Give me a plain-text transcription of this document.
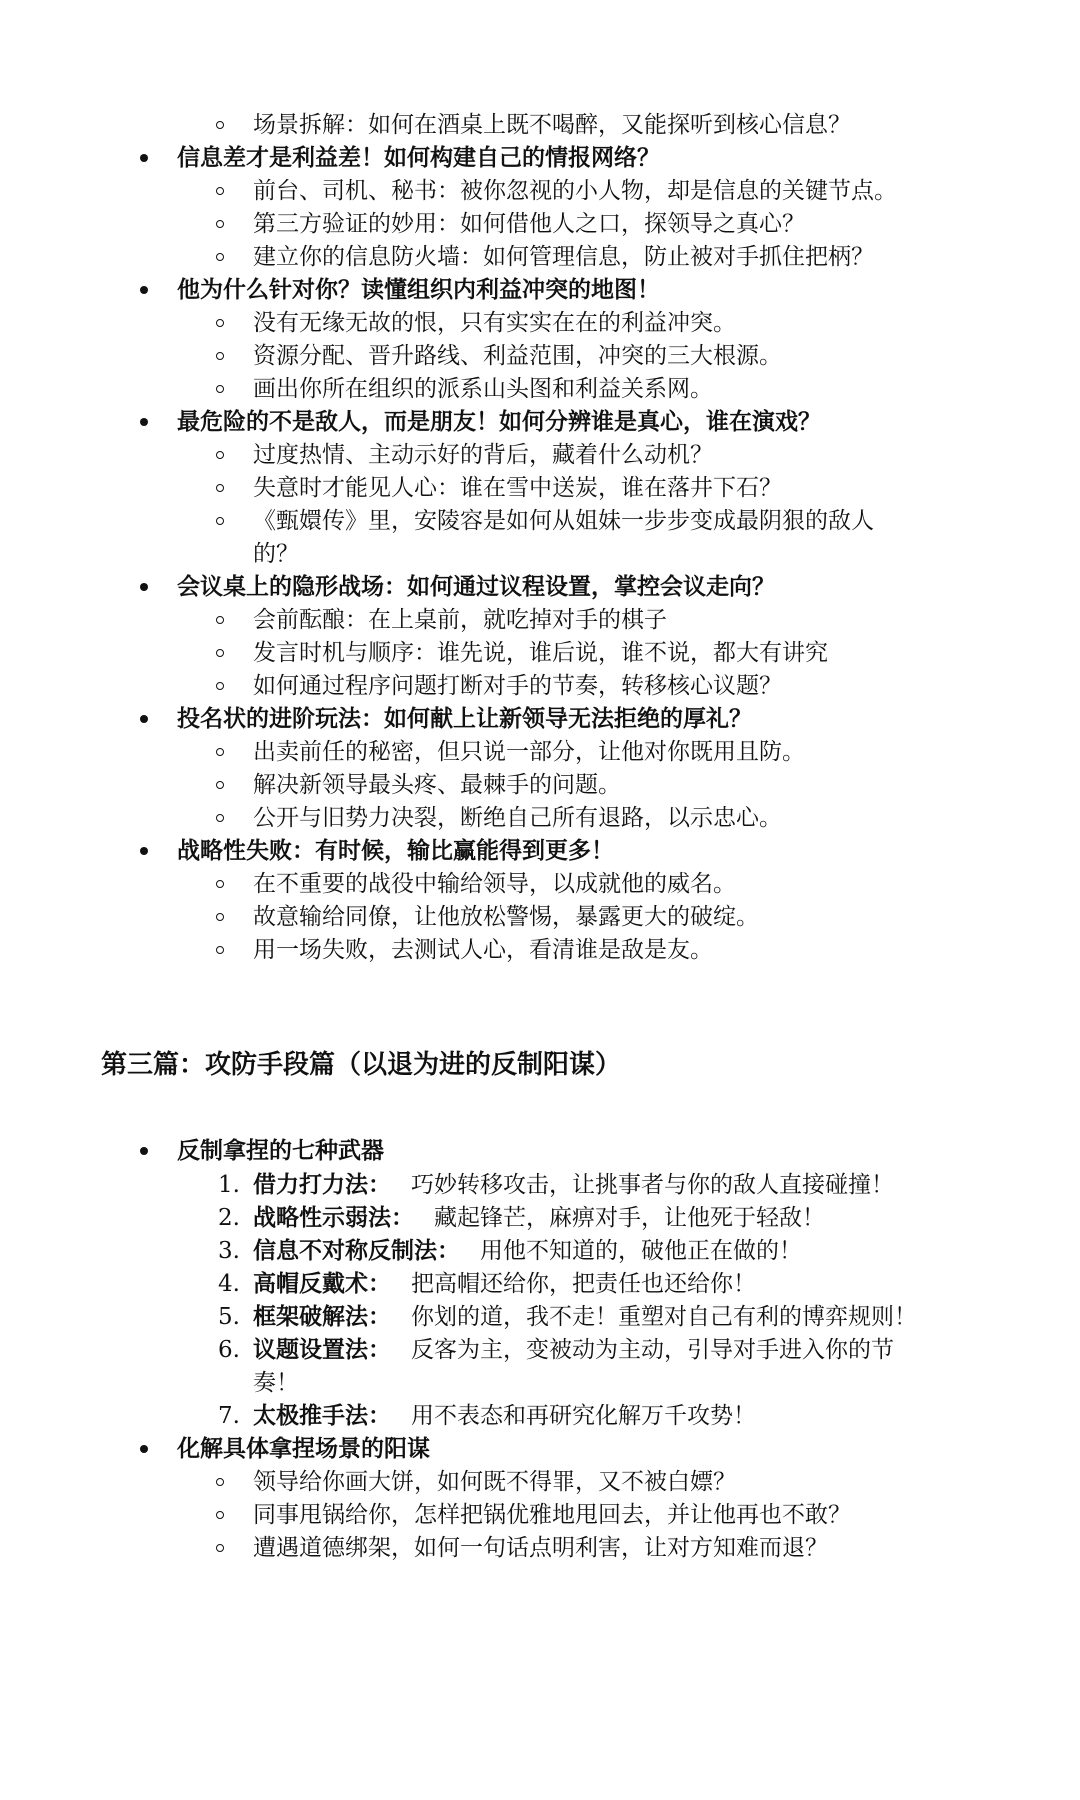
场景拆解：如何在酒桌上既不喝醉，又能探听到核心信息？
信息差才是利益差！如何构建自己的情报网络？
前台、司机、秘书：被你忽视的小人物，却是信息的关键节点。
第三方验证的妙用：如何借他人之口，探领导之真心？
建立你的信息防火墙：如何管理信息，防止被对手抓住把柄？
他为什么针对你？读懂组织内利益冲突的地图！
没有无缘无故的恨，只有实实在在的利益冲突。
资源分配、晋升路线、利益范围，冲突的三大根源。
画出你所在组织的派系山头图和利益关系网。
最危险的不是敌人，而是朋友！如何分辨谁是真心，谁在演戏？
过度热情、主动示好的背后，藏着什么动机？
失意时才能见人心：谁在雪中送炭，谁在落井下石？
《甄嬛传》里，安陵容是如何从姐妹一步步变成最阴狠的敌人
的？
会议桌上的隐形战场：如何通过议程设置，掌控会议走向？
会前酝酿：在上桌前，就吃掉对手的棋子
发言时机与顺序：谁先说，谁后说，谁不说，都大有讲究
如何通过程序问题打断对手的节奏，转移核心议题？
投名状的进阶玩法：如何献上让新领导无法拒绝的厚礼？
出卖前任的秘密，但只说一部分，让他对你既用且防。
解决新领导最头疼、最棘手的问题。
公开与旧势力决裂，断绝自己所有退路，以示忠心。
战略性失败：有时候，输比赢能得到更多！
在不重要的战役中输给领导，以成就他的威名。
故意输给同僚，让他放松警惕，暴露更大的破绽。
用一场失败，去测试人心，看清谁是敌是友。
第三篇：攻防手段篇（以退为进的反制阳谋）
反制拿捏的七种武器
1. 借力打力法： 巧妙转移攻击，让挑事者与你的敌人直接碰撞！
2. 战略性示弱法： 藏起锋芒，麻痹对手，让他死于轻敌！
3. 信息不对称反制法： 用他不知道的，破他正在做的！
4. 高帽反戴术： 把高帽还给你，把责任也还给你！
5. 框架破解法： 你划的道，我不走！重塑对自己有利的博弈规则！
6. 议题设置法： 反客为主，变被动为主动，引导对手进入你的节
奏！
7. 太极推手法： 用不表态和再研究化解万千攻势！
化解具体拿捏场景的阳谋
领导给你画大饼，如何既不得罪，又不被白嫖？
同事甩锅给你，怎样把锅优雅地甩回去，并让他再也不敢？
遭遇道德绑架，如何一句话点明利害，让对方知难而退？
